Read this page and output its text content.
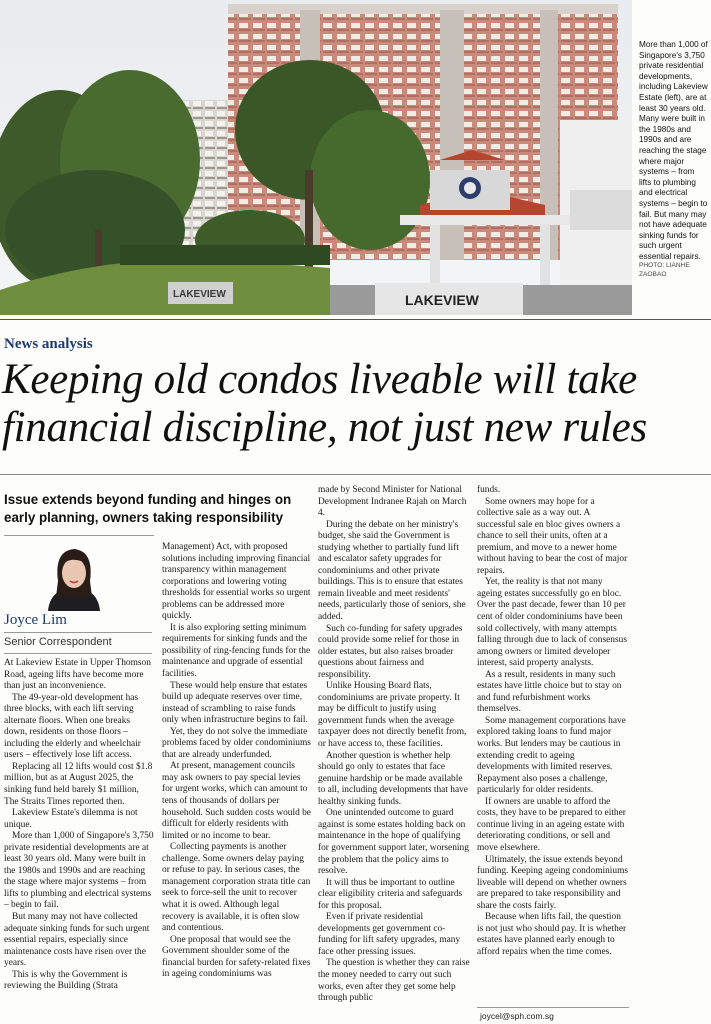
LAKEVIEW	LAKEVIEW
More than 1,000 of Singapore's 3,750 private residential developments, including Lakeview Estate (left), are at least 30 years old. Many were built in the 1980s and 1990s and are reaching the stage where major systems – from lifts to plumbing and electrical systems – begin to fail. But many may not have adequate sinking funds for such urgent essential repairs.
PHOTO: LIANHE ZAOBAO
News analysis
Keeping old condos liveable will take
financial discipline, not just new rules
Issue extends beyond funding and hinges on early planning, owners taking responsibility
Joyce Lim
Senior Correspondent

At Lakeview Estate in Upper Thomson Road, ageing lifts have become more than just an inconvenience.

The 49-year-old development has three blocks, with each lift serving alternate floors. When one breaks down, residents on those floors – including the elderly and wheelchair users – effectively lose lift access.

Replacing all 12 lifts would cost $1.8 million, but as at August 2025, the sinking fund held barely $1 million, The Straits Times reported then.

Lakeview Estate's dilemma is not unique.

More than 1,000 of Singapore's 3,750 private residential developments are at least 30 years old. Many were built in the 1980s and 1990s and are reaching the stage where major systems – from lifts to plumbing and electrical systems – begin to fail.

But many may not have collected adequate sinking funds for such urgent essential repairs, especially since maintenance costs have risen over the years.

This is why the Government is reviewing the Building (Strata

Management) Act, with proposed solutions including improving financial transparency within management corporations and lowering voting thresholds for essential works so urgent problems can be addressed more quickly.

It is also exploring setting minimum requirements for sinking funds and the possibility of ring-fencing funds for the maintenance and upgrade of essential facilities.

These would help ensure that estates build up adequate reserves over time, instead of scrambling to raise funds only when infrastructure begins to fail.

Yet, they do not solve the immediate problems faced by older condominiums that are already underfunded.

At present, management councils may ask owners to pay special levies for urgent works, which can amount to tens of thousands of dollars per household. Such sudden costs would be difficult for elderly residents with limited or no income to bear.

Collecting payments is another challenge. Some owners delay paying or refuse to pay. In serious cases, the management corporation strata title can seek to force-sell the unit to recover what it is owed. Although legal recovery is available, it is often slow and contentious.

One proposal that would see the Government shoulder some of the financial burden for safety-related fixes in ageing condominiums was

made by Second Minister for National Development Indranee Rajah on March 4.

During the debate on her ministry's budget, she said the Government is studying whether to partially fund lift and escalator safety upgrades for condominiums and other private buildings. This is to ensure that estates remain liveable and meet residents' needs, particularly those of seniors, she added.

Such co-funding for safety upgrades could provide some relief for those in older estates, but also raises broader questions about fairness and responsibility.

Unlike Housing Board flats, condominiums are private property. It may be difficult to justify using government funds when the average taxpayer does not directly benefit from, or have access to, these facilities.

Another question is whether help should go only to estates that face genuine hardship or be made available to all, including developments that have healthy sinking funds.

One unintended outcome to guard against is some estates holding back on maintenance in the hope of qualifying for government support later, worsening the problem that the policy aims to resolve.

It will thus be important to outline clear eligibility criteria and safeguards for this proposal.

Even if private residential developments get government co-funding for lift safety upgrades, many face other pressing issues.

The question is whether they can raise the money needed to carry out such works, even after they get some help through public

funds.

Some owners may hope for a collective sale as a way out. A successful sale en bloc gives owners a chance to sell their units, often at a premium, and move to a newer home without having to bear the cost of major repairs.

Yet, the reality is that not many ageing estates successfully go en bloc. Over the past decade, fewer than 10 per cent of older condominiums have been sold collectively, with many attempts falling through due to lack of consensus among owners or limited developer interest, said property analysts.

As a result, residents in many such estates have little choice but to stay on and fund refurbishment works themselves.

Some management corporations have explored taking loans to fund major works. But lenders may be cautious in extending credit to ageing developments with limited reserves. Repayment also poses a challenge, particularly for older residents.

If owners are unable to afford the costs, they have to be prepared to either continue living in an ageing estate with deteriorating conditions, or sell and move elsewhere.

Ultimately, the issue extends beyond funding. Keeping ageing condominiums liveable will depend on whether owners are prepared to take responsibility and share the costs fairly.

Because when lifts fail, the question is not just who should pay. It is whether estates have planned early enough to afford repairs when the time comes.

joycel@sph.com.sg
